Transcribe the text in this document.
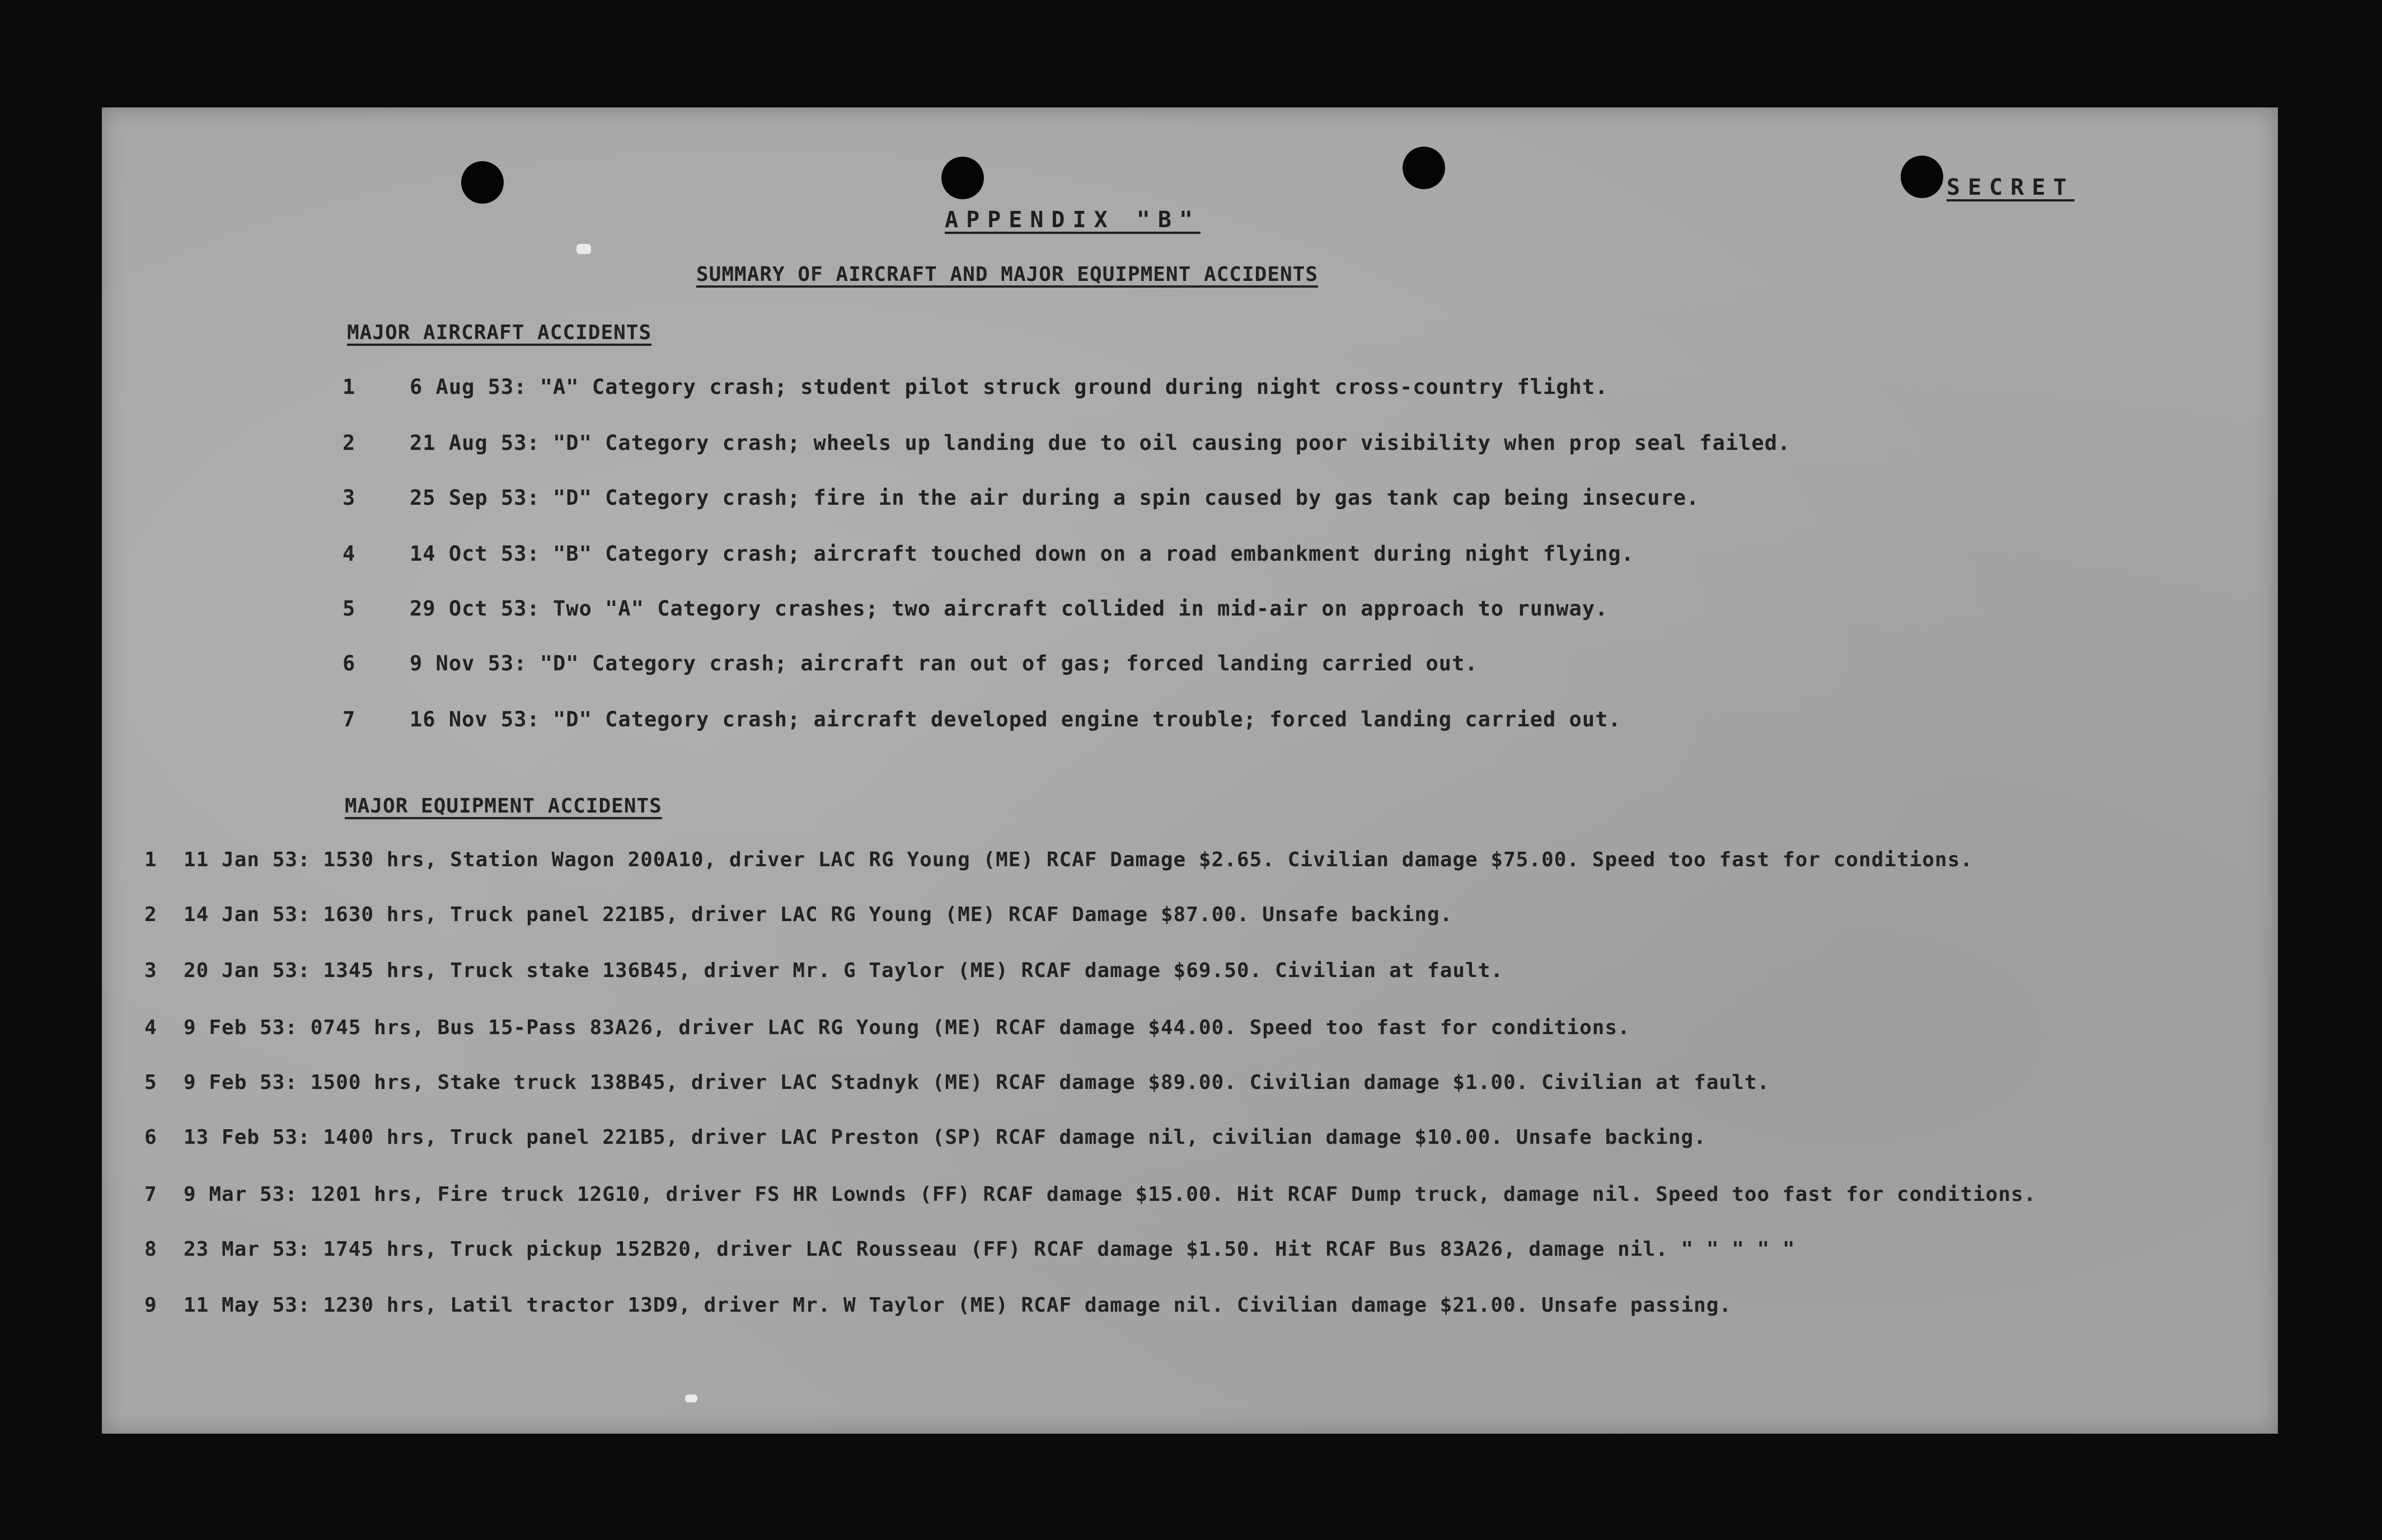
SECRET
APPENDIX "B"
SUMMARY OF AIRCRAFT AND MAJOR EQUIPMENT ACCIDENTS
MAJOR AIRCRAFT ACCIDENTS
1	6 Aug 53: "A" Category crash; student pilot struck ground during night cross-country flight.
2	21 Aug 53: "D" Category crash; wheels up landing due to oil causing poor visibility when prop seal failed.
3	25 Sep 53: "D" Category crash; fire in the air during a spin caused by gas tank cap being insecure.
4	14 Oct 53: "B" Category crash; aircraft touched down on a road embankment during night flying.
5	29 Oct 53: Two "A" Category crashes; two aircraft collided in mid-air on approach to runway.
6	9 Nov 53: "D" Category crash; aircraft ran out of gas; forced landing carried out.
7	16 Nov 53: "D" Category crash; aircraft developed engine trouble; forced landing carried out.
MAJOR EQUIPMENT ACCIDENTS
1 11 Jan 53: 1530 hrs, Station Wagon 200A10, driver LAC RG Young (ME) RCAF Damage $2.65. Civilian damage $75.00. Speed too fast for conditions.
2 14 Jan 53: 1630 hrs, Truck panel 221B5, driver LAC RG Young (ME) RCAF Damage $87.00. Unsafe backing.
3 20 Jan 53: 1345 hrs, Truck stake 136B45, driver Mr. G Taylor (ME) RCAF damage $69.50. Civilian at fault.
4 9 Feb 53: 0745 hrs, Bus 15-Pass 83A26, driver LAC RG Young (ME) RCAF damage $44.00. Speed too fast for conditions.
5 9 Feb 53: 1500 hrs, Stake truck 138B45, driver LAC Stadnyk (ME) RCAF damage $89.00. Civilian damage $1.00. Civilian at fault.
6 13 Feb 53: 1400 hrs, Truck panel 221B5, driver LAC Preston (SP) RCAF damage nil, civilian damage $10.00. Unsafe backing.
7 9 Mar 53: 1201 hrs, Fire truck 12G10, driver FS HR Lownds (FF) RCAF damage $15.00. Hit RCAF Dump truck, damage nil. Speed too fast for conditions.
8 23 Mar 53: 1745 hrs, Truck pickup 152B20, driver LAC Rousseau (FF) RCAF damage $1.50. Hit RCAF Bus 83A26, damage nil. " " " " "
9 11 May 53: 1230 hrs, Latil tractor 13D9, driver Mr. W Taylor (ME) RCAF damage nil. Civilian damage $21.00. Unsafe passing.
